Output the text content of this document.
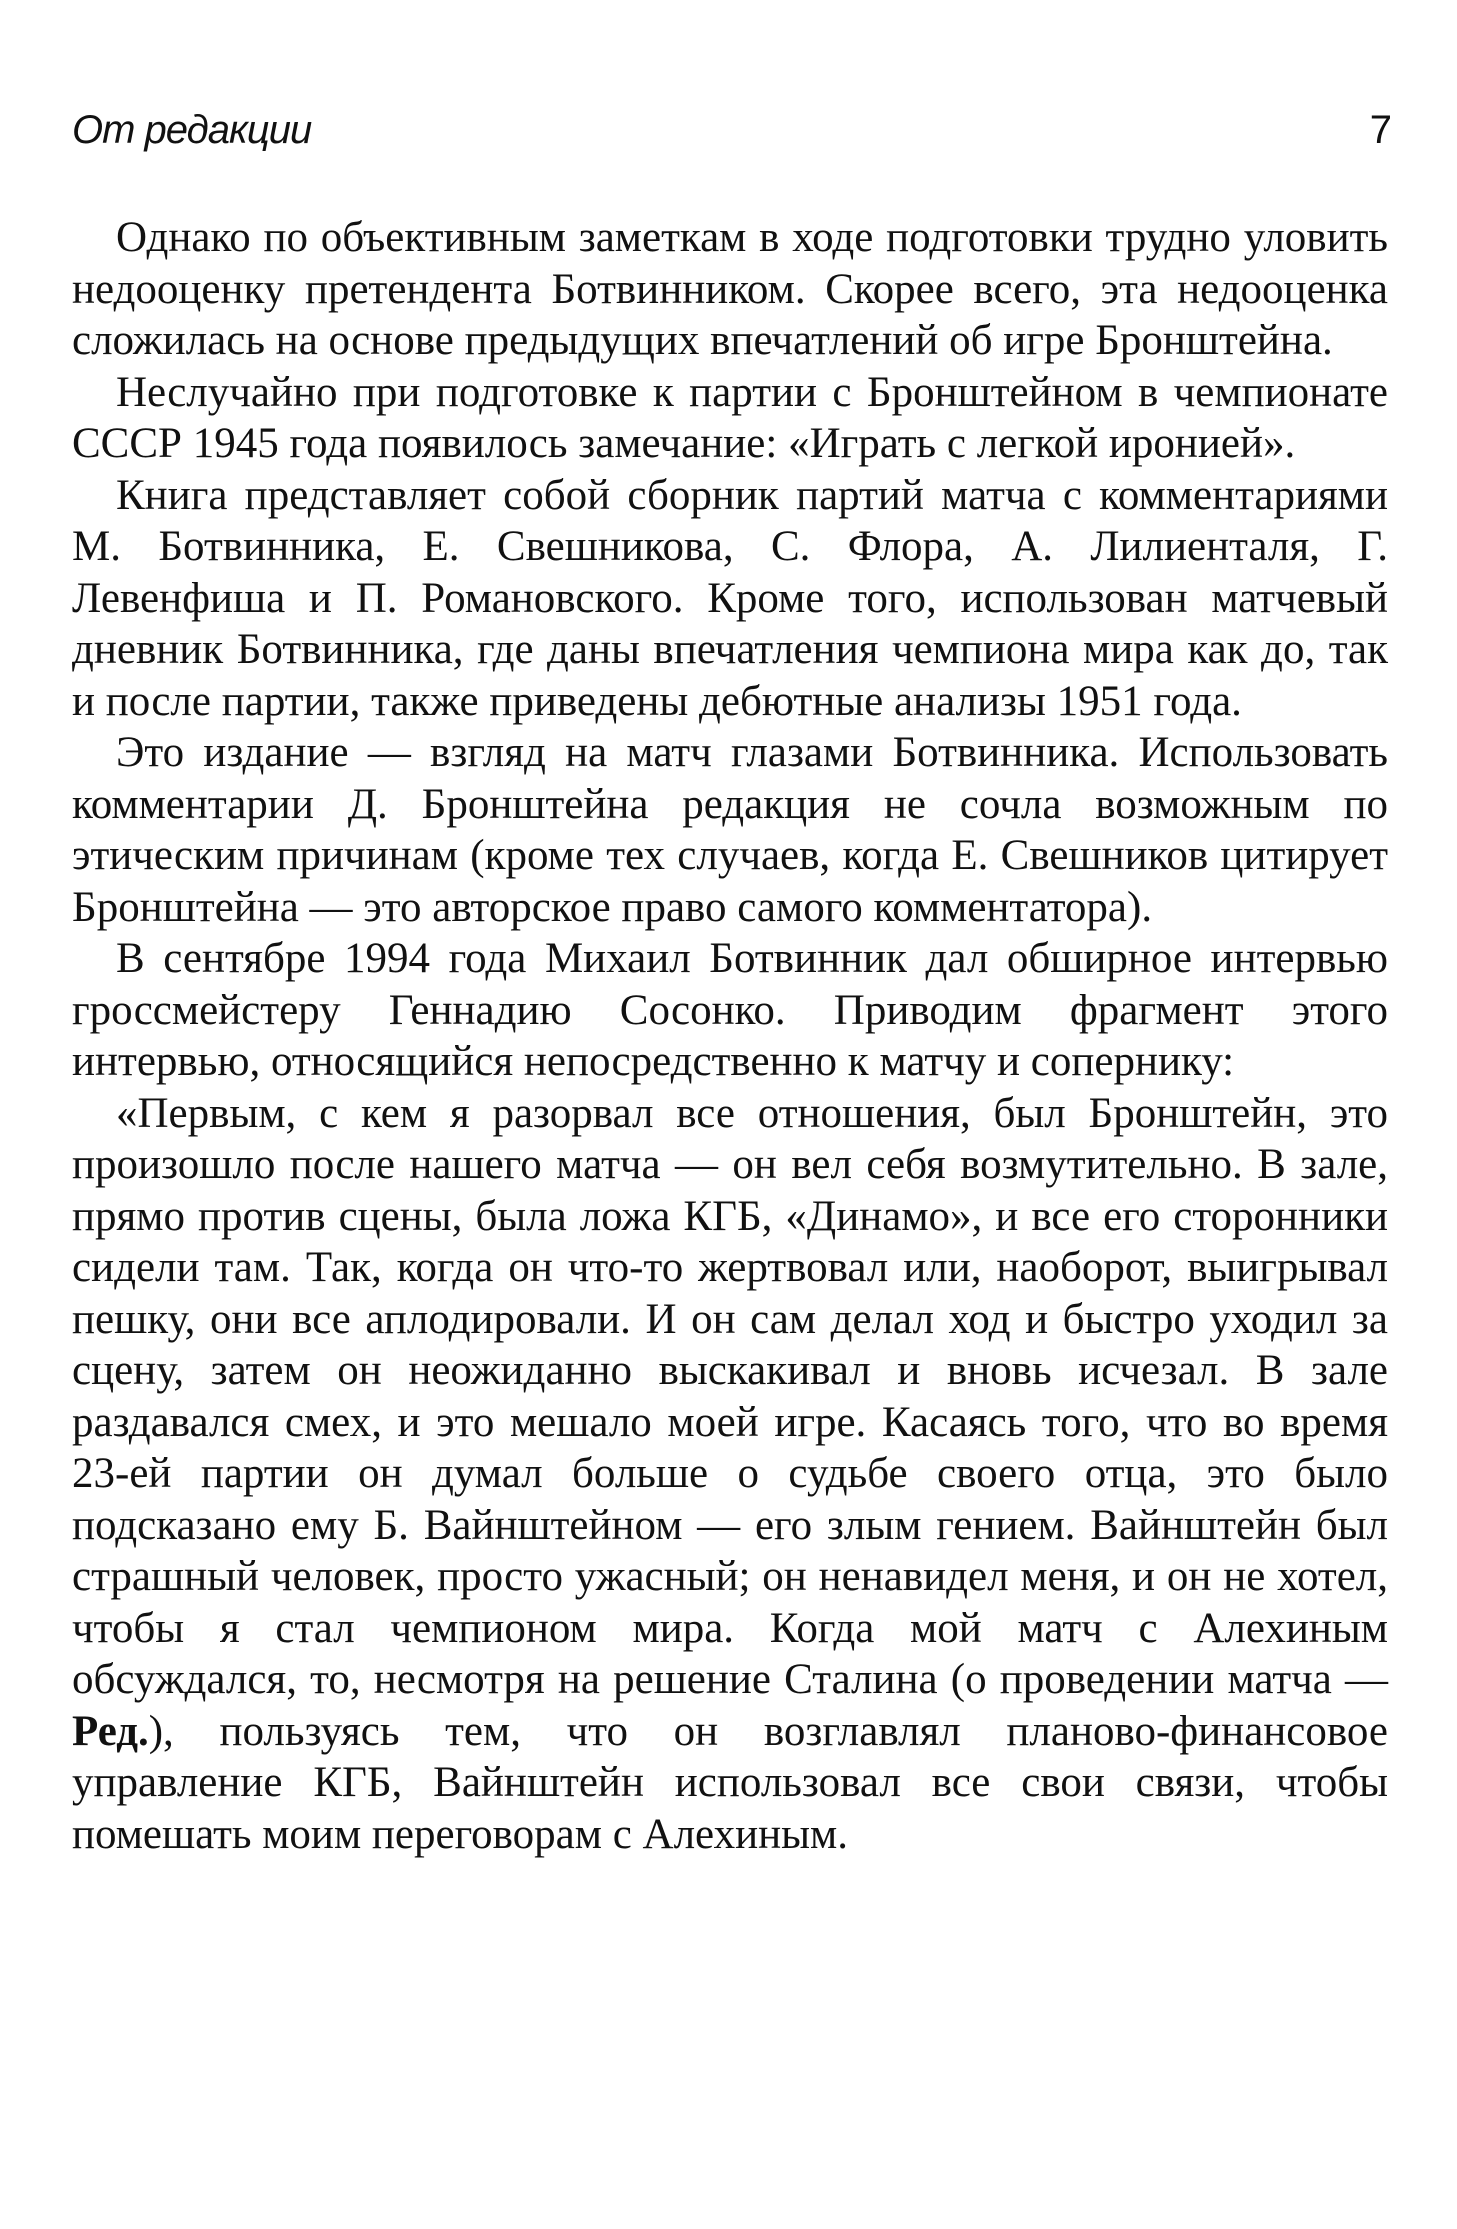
От редакции	7

Однако по объективным заметкам в ходе подготовки трудно уловить недооценку претендента Ботвинником. Скорее всего, эта недооценка сложилась на основе предыдущих впечатлений об игре Бронштейна.

Неслучайно при подготовке к партии с Бронштейном в чемпионате СССР 1945 года появилось замечание: «Играть с легкой иронией».

Книга представляет собой сборник партий матча с комментариями М. Ботвинника, Е. Свешникова, С. Флора, А. Лилиенталя, Г. Левенфиша и П. Романовского. Кроме того, использован матчевый дневник Ботвинника, где даны впечатления чемпиона мира как до, так и после партии, также приведены дебютные анализы 1951 года.

Это издание — взгляд на матч глазами Ботвинника. Использовать комментарии Д. Бронштейна редакция не сочла возможным по этическим причинам (кроме тех случаев, когда Е. Свешников цитирует Бронштейна — это авторское право самого комментатора).

В сентябре 1994 года Михаил Ботвинник дал обширное интервью гроссмейстеру Геннадию Сосонко. Приводим фрагмент этого интервью, относящийся непосредственно к матчу и сопернику:

«Первым, с кем я разорвал все отношения, был Бронштейн, это произошло после нашего матча — он вел себя возмутительно. В зале, прямо против сцены, была ложа КГБ, «Динамо», и все его сторонники сидели там. Так, когда он что-то жертвовал или, наоборот, выигрывал пешку, они все аплодировали. И он сам делал ход и быстро уходил за сцену, затем он неожиданно выскакивал и вновь исчезал. В зале раздавался смех, и это мешало моей игре. Касаясь того, что во время 23-ей партии он думал больше о судьбе своего отца, это было подсказано ему Б. Вайнштейном — его злым гением. Вайнштейн был страшный человек, просто ужасный; он ненавидел меня, и он не хотел, чтобы я стал чемпионом мира. Когда мой матч с Алехиным обсуждался, то, несмотря на решение Сталина (о проведении матча — Ред.), пользуясь тем, что он возглавлял планово-финансовое управление КГБ, Вайнштейн использовал все свои связи, чтобы помешать моим переговорам с Алехиным.
